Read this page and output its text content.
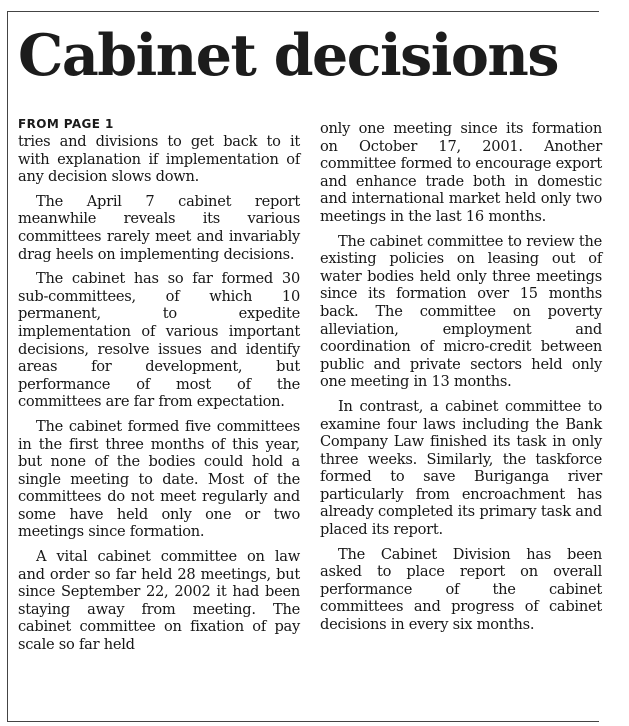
Cabinet decisions
FROM PAGE 1

tries and divisions to get back to it with explanation if implementation of any decision slows down.

The April 7 cabinet report meanwhile reveals its various committees rarely meet and invariably drag heels on implementing decisions.

The cabinet has so far formed 30 sub-committees, of which 10 permanent, to expedite implementation of various important decisions, resolve issues and identify areas for development, but performance of most of the committees are far from expectation.

The cabinet formed five committees in the first three months of this year, but none of the bodies could hold a single meeting to date. Most of the committees do not meet regularly and some have held only one or two meetings since formation.

A vital cabinet committee on law and order so far held 28 meetings, but since September 22, 2002 it had been staying away from meeting. The cabinet committee on fixation of pay scale so far held

only one meeting since its formation on October 17, 2001. Another committee formed to encourage export and enhance trade both in domestic and international market held only two meetings in the last 16 months.

The cabinet committee to review the existing policies on leasing out of water bodies held only three meetings since its formation over 15 months back. The committee on poverty alleviation, employment and coordination of micro-credit between public and private sectors held only one meeting in 13 months.

In contrast, a cabinet committee to examine four laws including the Bank Company Law finished its task in only three weeks. Similarly, the taskforce formed to save Buriganga river particularly from encroachment has already completed its primary task and placed its report.

The Cabinet Division has been asked to place report on overall performance of the cabinet committees and progress of cabinet decisions in every six months.
